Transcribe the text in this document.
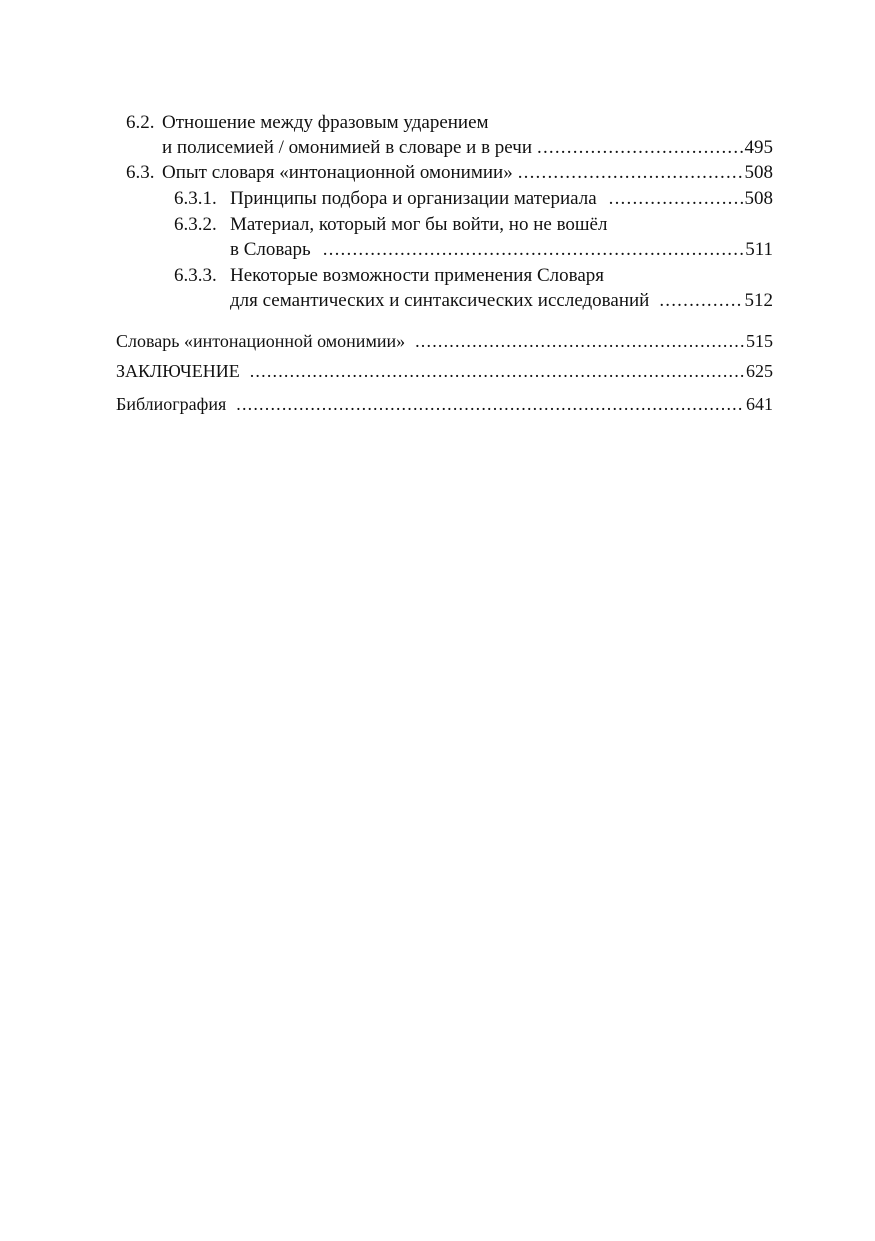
6.2. Отношение между фразовым ударением
и полисемией / омонимией в словаре и в речи .....	495
6.3. Опыт словаря «интонационной омонимии» .....	508
6.3.1. Принципы подбора и организации материала .....	508
6.3.2. Материал, который мог бы войти, но не вошёл
в Словарь .....	511
6.3.3. Некоторые возможности применения Словаря
для семантических и синтаксических исследований .....	512
Словарь «интонационной омонимии» .....	515
ЗАКЛЮЧЕНИЕ .....	625
Библиография .....	641
